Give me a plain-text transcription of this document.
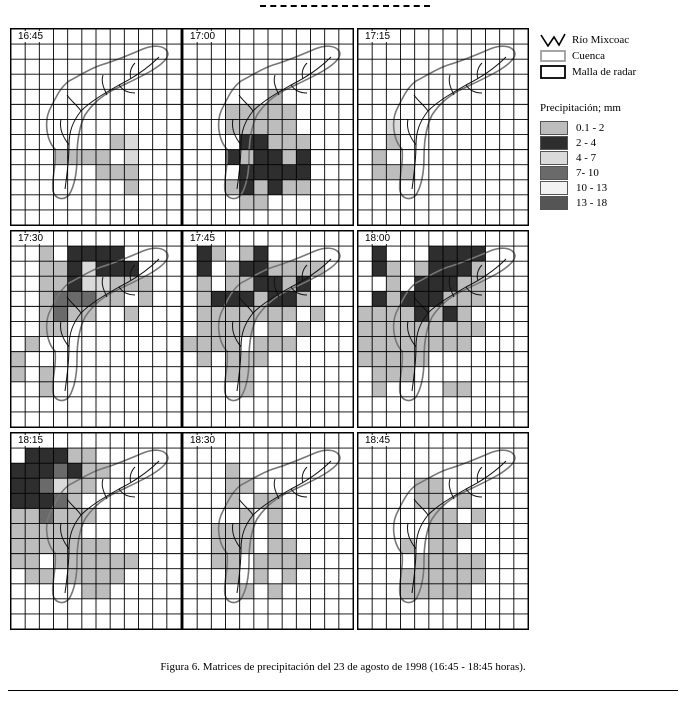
16:45	17:00	17:15
17:30	17:45	18:00
18:15	18:30	18:45
Río Mixcoac
Cuenca
Malla de radar
Precipitación; mm
0.1 - 2
2 - 4
4 - 7
7- 10
10 - 13
13 - 18
Figura 6. Matrices de precipitación del 23 de agosto de 1998 (16:45 - 18:45 horas).
